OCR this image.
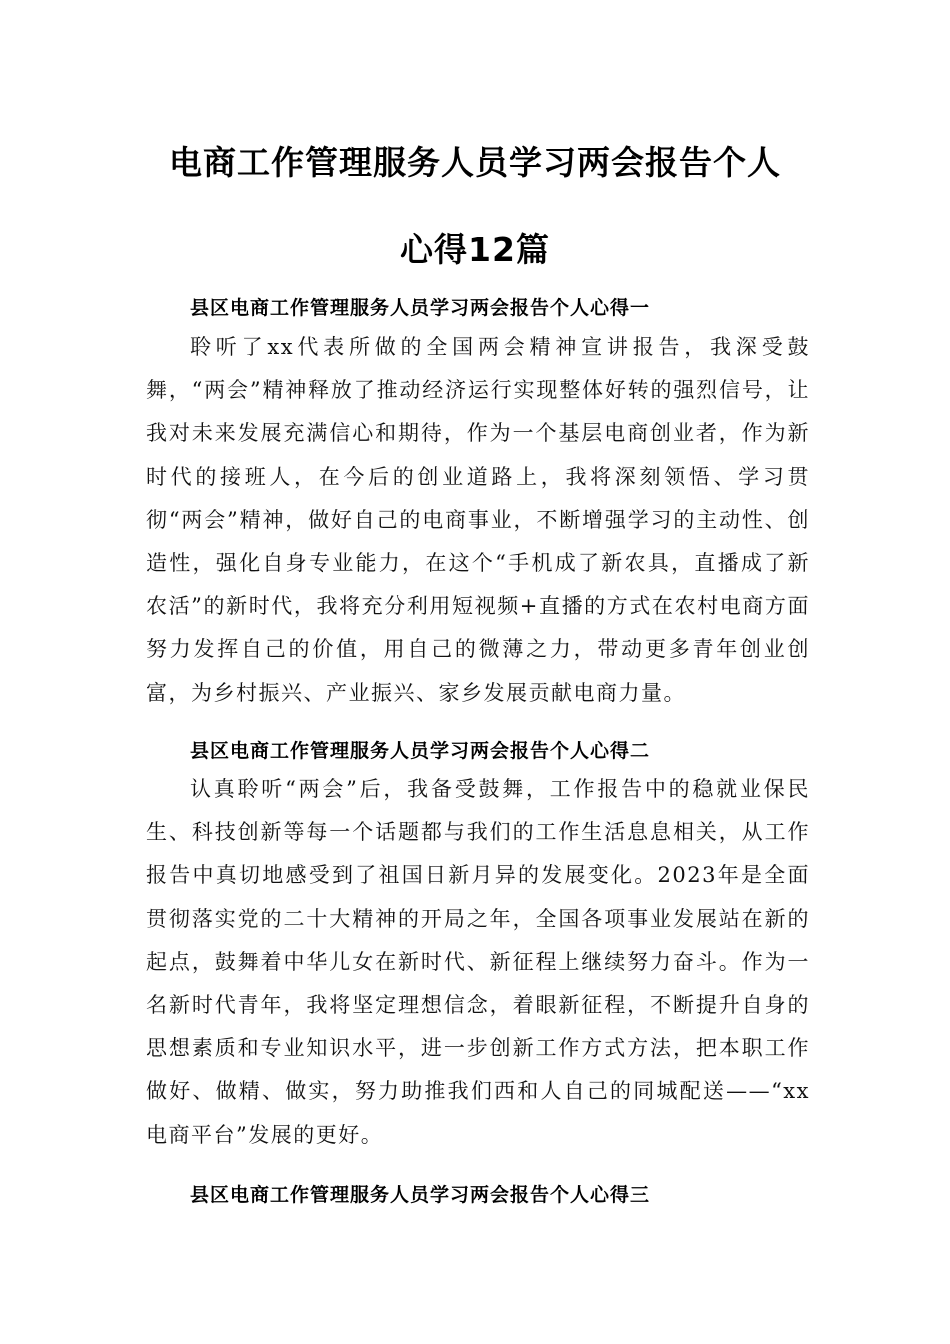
电商工作管理服务人员学习两会报告个人
心得12篇
县区电商工作管理服务人员学习两会报告个人心得一

聆听了xx代表所做的全国两会精神宣讲报告，我深受鼓舞，“两会”精神释放了推动经济运行实现整体好转的强烈信号，让我对未来发展充满信心和期待，作为一个基层电商创业者，作为新时代的接班人，在今后的创业道路上，我将深刻领悟、学习贯彻“两会”精神，做好自己的电商事业，不断增强学习的主动性、创造性，强化自身专业能力，在这个“手机成了新农具，直播成了新农活”的新时代，我将充分利用短视频+直播的方式在农村电商方面努力发挥自己的价值，用自己的微薄之力，带动更多青年创业创富，为乡村振兴、产业振兴、家乡发展贡献电商力量。

县区电商工作管理服务人员学习两会报告个人心得二

认真聆听“两会”后，我备受鼓舞，工作报告中的稳就业保民生、科技创新等每一个话题都与我们的工作生活息息相关，从工作报告中真切地感受到了祖国日新月异的发展变化。2023年是全面贯彻落实党的二十大精神的开局之年，全国各项事业发展站在新的起点，鼓舞着中华儿女在新时代、新征程上继续努力奋斗。作为一名新时代青年，我将坚定理想信念，着眼新征程，不断提升自身的思想素质和专业知识水平，进一步创新工作方式方法，把本职工作做好、做精、做实，努力助推我们西和人自己的同城配送——“xx电商平台”发展的更好。

县区电商工作管理服务人员学习两会报告个人心得三
